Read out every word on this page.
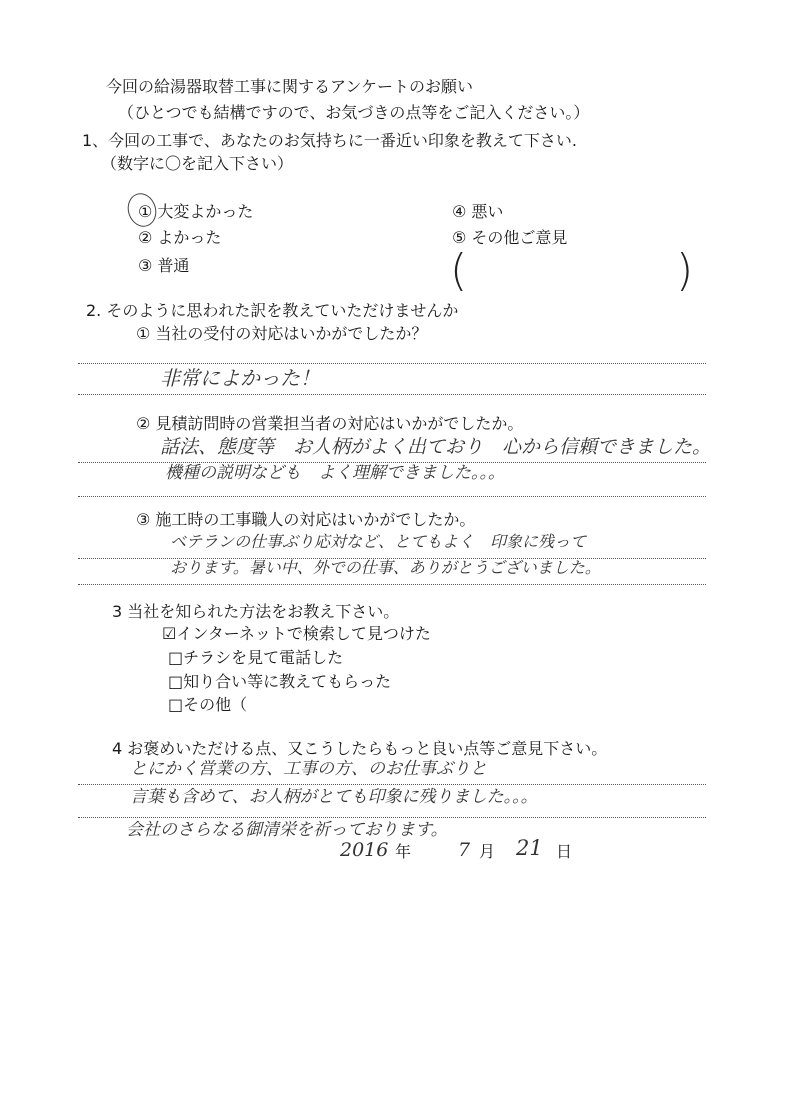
今回の給湯器取替工事に関するアンケートのお願い
（ひとつでも結構ですので、お気づきの点等をご記入ください。）
1、今回の工事で、あなたのお気持ちに一番近い印象を教えて下さい.
（数字に〇を記入下さい）
① 大変よかった
② よかった
③ 普通
④ 悪い
⑤ その他ご意見
(	)
2. そのように思われた訳を教えていただけませんか
① 当社の受付の対応はいかがでしたか？
非常によかった！
② 見積訪問時の営業担当者の対応はいかがでしたか。
話法、態度等　お人柄がよく出ており　心から信頼できました。
機種の説明なども　よく理解できました。。。
③ 施工時の工事職人の対応はいかがでしたか。
ベテランの仕事ぶり応対など、とてもよく　印象に残って
おります。暑い中、外での仕事、ありがとうございました。
3 当社を知られた方法をお教え下さい。
☑インターネットで検索して見つけた
□チラシを見て電話した
□知り合い等に教えてもらった
□その他（
4 お褒めいただける点、又こうしたらもっと良い点等ご意見下さい。
とにかく営業の方、工事の方、のお仕事ぶりと
言葉も含めて、お人柄がとても印象に残りました。。。
会社のさらなる御清栄を祈っております。
2016 年 7 月 21 日
